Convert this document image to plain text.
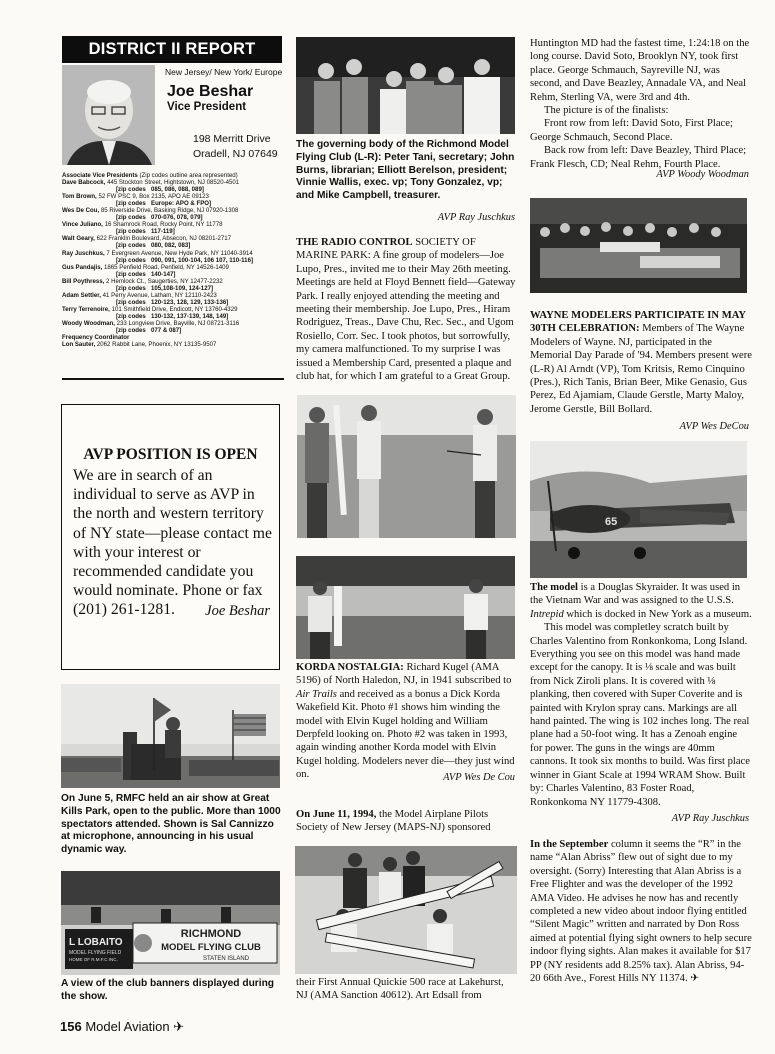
DISTRICT II REPORT
New Jersey/ New York/ Europe
Joe Beshar
Vice President
198 Merritt Drive
Oradell, NJ 07649
Associate Vice Presidents (Zip codes outline area represented)
Dave Babcock, 445 Stockton Street, Hightstown, NJ 08520-4501
[zip codes 085, 086, 088, 089]
Tom Brown, 52 FW PSC 9, Box 2135, APO AE 09123
[zip codes Europe: APO & FPO]
Wes De Cou, 85 Riverside Drive, Basking Ridge, NJ 07920-1308
[zip codes 070-076, 078, 079]
Vince Juliano, 16 Shamrock Road, Rocky Point, NY 11778
[zip codes 117-119]
Walt Geary, 622 Franklin Boulevard, Absecon, NJ 08201-2717
[zip codes 080, 082, 083]
Ray Juschkus, 7 Evergreen Avenue, New Hyde Park, NY 11040-3914
[zip codes 090, 091, 100-104, 106 107, 110-116]
Gus Pandajis, 1865 Penfield Road, Penfield, NY 14526-1409
[zip codes 140-147]
Bill Poythress, 2 Hemlock Ct., Saugerties, NY 12477-2232
[zip codes 105,108-109, 124-127]
Adam Settler, 41 Perry Avenue, Latham, NY 12110-2423
[zip codes 120-123, 128, 129, 133-136]
Terry Terrenoire, 101 Smithfield Drive, Endicott, NY 13760-4329
[zip codes 130-132, 137-139, 148, 149]
Woody Woodman, 233 Longview Drive, Bayville, NJ 08721-3116
[zip codes 077 & 087]
Frequency Coordinator
Lon Sauter, 2062 Rabbit Lane, Phoenix, NY 13135-9507
AVP POSITION IS OPEN
We are in search of an individual to serve as AVP in the north and western territory of NY state—please contact me with your interest or recommended candidate you would nominate. Phone or fax (201) 261-1281.	Joe Beshar
On June 5, RMFC held an air show at Great Kills Park, open to the public. More than 1000 spectators attended. Shown is Sal Cannizzo at microphone, announcing in his usual dynamic way.
RICHMOND
MODEL FLYING CLUB
STATEN ISLAND
L LOBAITO
MODEL FLYING FIELD
HOME OF R.M.F.C INC.
A view of the club banners displayed during the show.
156 Model Aviation ✈
The governing body of the Richmond Model Flying Club (L-R): Peter Tani, secretary; John Burns, librarian; Elliott Berelson, president; Vinnie Wallis, exec. vp; Tony Gonzalez, vp; and Mike Campbell, treasurer.
AVP Ray Juschkus
THE RADIO CONTROL SOCIETY OF MARINE PARK: A fine group of modelers—Joe Lupo, Pres., invited me to their May 26th meeting. Meetings are held at Floyd Bennett field—Gateway Park. I really enjoyed attending the meeting and meeting their membership. Joe Lupo, Pres., Hiram Rodriguez, Treas., Dave Chu, Rec. Sec., and Ugom Rosiello, Corr. Sec. I took photos, but sorrowfully, my camera malfunctioned. To my surprise I was issued a Membership Card, presented a plaque and club hat, for which I am grateful to a Great Group.
KORDA NOSTALGIA: Richard Kugel (AMA 5196) of North Haledon, NJ, in 1941 subscribed to Air Trails and received as a bonus a Dick Korda Wakefield Kit. Photo #1 shows him winding the model with Elvin Kugel holding and William Derpfeld looking on. Photo #2 was taken in 1993, again winding another Korda model with Elvin Kugel holding. Modelers never die—they just wind on.	AVP Wes De Cou
On June 11, 1994, the Model Airplane Pilots Society of New Jersey (MAPS-NJ) sponsored
their First Annual Quickie 500 race at Lakehurst, NJ (AMA Sanction 40612). Art Edsall from

Huntington MD had the fastest time, 1:24:18 on the long course. David Soto, Brooklyn NY, took first place. George Schmauch, Sayreville NJ, was second, and Dave Beazley, Annadale VA, and Neal Rehm, Sterling VA, were 3rd and 4th.

The picture is of the finalists:

Front row from left: David Soto, First Place; George Schmauch, Second Place.

Back row from left: Dave Beazley, Third Place; Frank Flesch, CD; Neal Rehm, Fourth Place.

AVP Woody Woodman
WAYNE MODELERS PARTICIPATE IN MAY 30TH CELEBRATION: Members of The Wayne Modelers of Wayne. NJ, participated in the Memorial Day Parade of '94. Members present were (L-R) Al Arndt (VP), Tom Kritsis, Remo Cinquino (Pres.), Rich Tanis, Brian Beer, Mike Genasio, Gus Perez, Ed Ajamiam, Claude Gerstle, Marty Maloy, Jerome Gerstle, Bill Bollard.
AVP Wes DeCou
65

The model is a Douglas Skyraider. It was used in the Vietnam War and was assigned to the U.S.S. Intrepid which is docked in New York as a museum.

This model was completley scratch built by Charles Valentino from Ronkonkoma, Long Island. Everything you see on this model was hand made except for the canopy. It is ⅛ scale and was built from Nick Ziroli plans. It is covered with ⅛ planking, then covered with Super Coverite and is painted with Krylon spray cans. Markings are all hand painted. The wing is 102 inches long. The real plane had a 50-foot wing. It has a Zenoah engine for power. The guns in the wings are 40mm cannons. It took six months to build. Was first place winner in Giant Scale at 1994 WRAM Show. Built by: Charles Valentino, 83 Foster Road, Ronkonkoma NY 11779-4308.

AVP Ray Juschkus
In the September column it seems the “R” in the name “Alan Abriss” flew out of sight due to my oversight. (Sorry) Interesting that Alan Abriss is a Free Flighter and was the developer of the 1992 AMA Video. He advises he now has and recently completed a new video about indoor flying entitled “Silent Magic” written and narrated by Don Ross aimed at potential flying sight owners to help secure indoor flying sights. Alan makes it available for $17 PP (NY residents add 8.25% tax). Alan Abriss, 94-20 66th Ave., Forest Hills NY 11374. ✈
